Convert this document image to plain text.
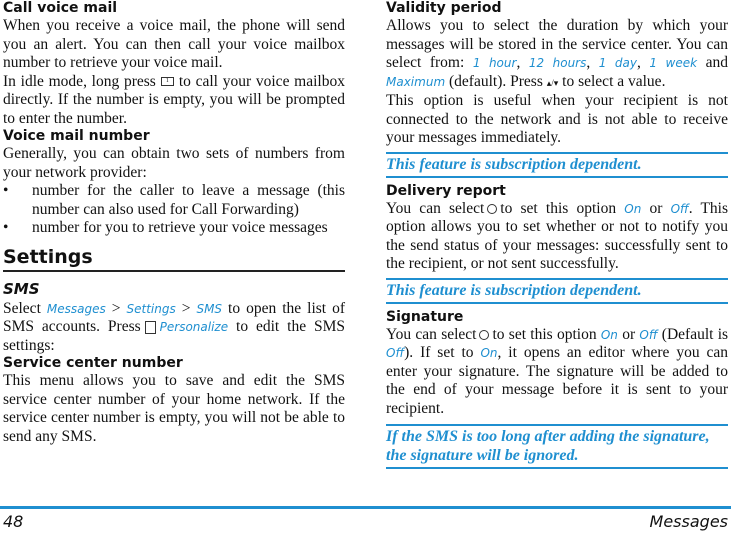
Call voice mail

When you receive a voice mail, the phone will send you an alert. You can then call your voice mailbox number to retrieve your voice mail.

In idle mode, long press 1 to call your voice mailbox directly. If the number is empty, you will be prompted to enter the number.

Voice mail number

Generally, you can obtain two sets of numbers from your network provider:

• number for the caller to leave a message (this number can also used for Call Forwarding)
• number for you to retrieve your voice messages
Settings
SMS

Select Messages > Settings > SMS to open the list of SMS accounts. Press Personalize to edit the SMS settings:

Service center number

This menu allows you to save and edit the SMS service center number of your home network. If the service center number is empty, you will not be able to send any SMS.

Validity period

Allows you to select the duration by which your messages will be stored in the service center. You can select from: 1 hour, 12 hours, 1 day, 1 week and Maximum (default). Press ▴/▾ to select a value.

This option is useful when your recipient is not connected to the network and is not able to receive your messages immediately.

This feature is subscription dependent.
Delivery report

You can select to set this option On or Off. This option allows you to set whether or not to notify you the send status of your messages: successfully sent to the recipient, or not sent successfully.

This feature is subscription dependent.
Signature

You can select to set this option On or Off (Default is Off). If set to On, it opens an editor where you can enter your signature. The signature will be added to the end of your message before it is sent to your recipient.

If the SMS is too long after adding the signature, the signature will be ignored.
48	Messages
